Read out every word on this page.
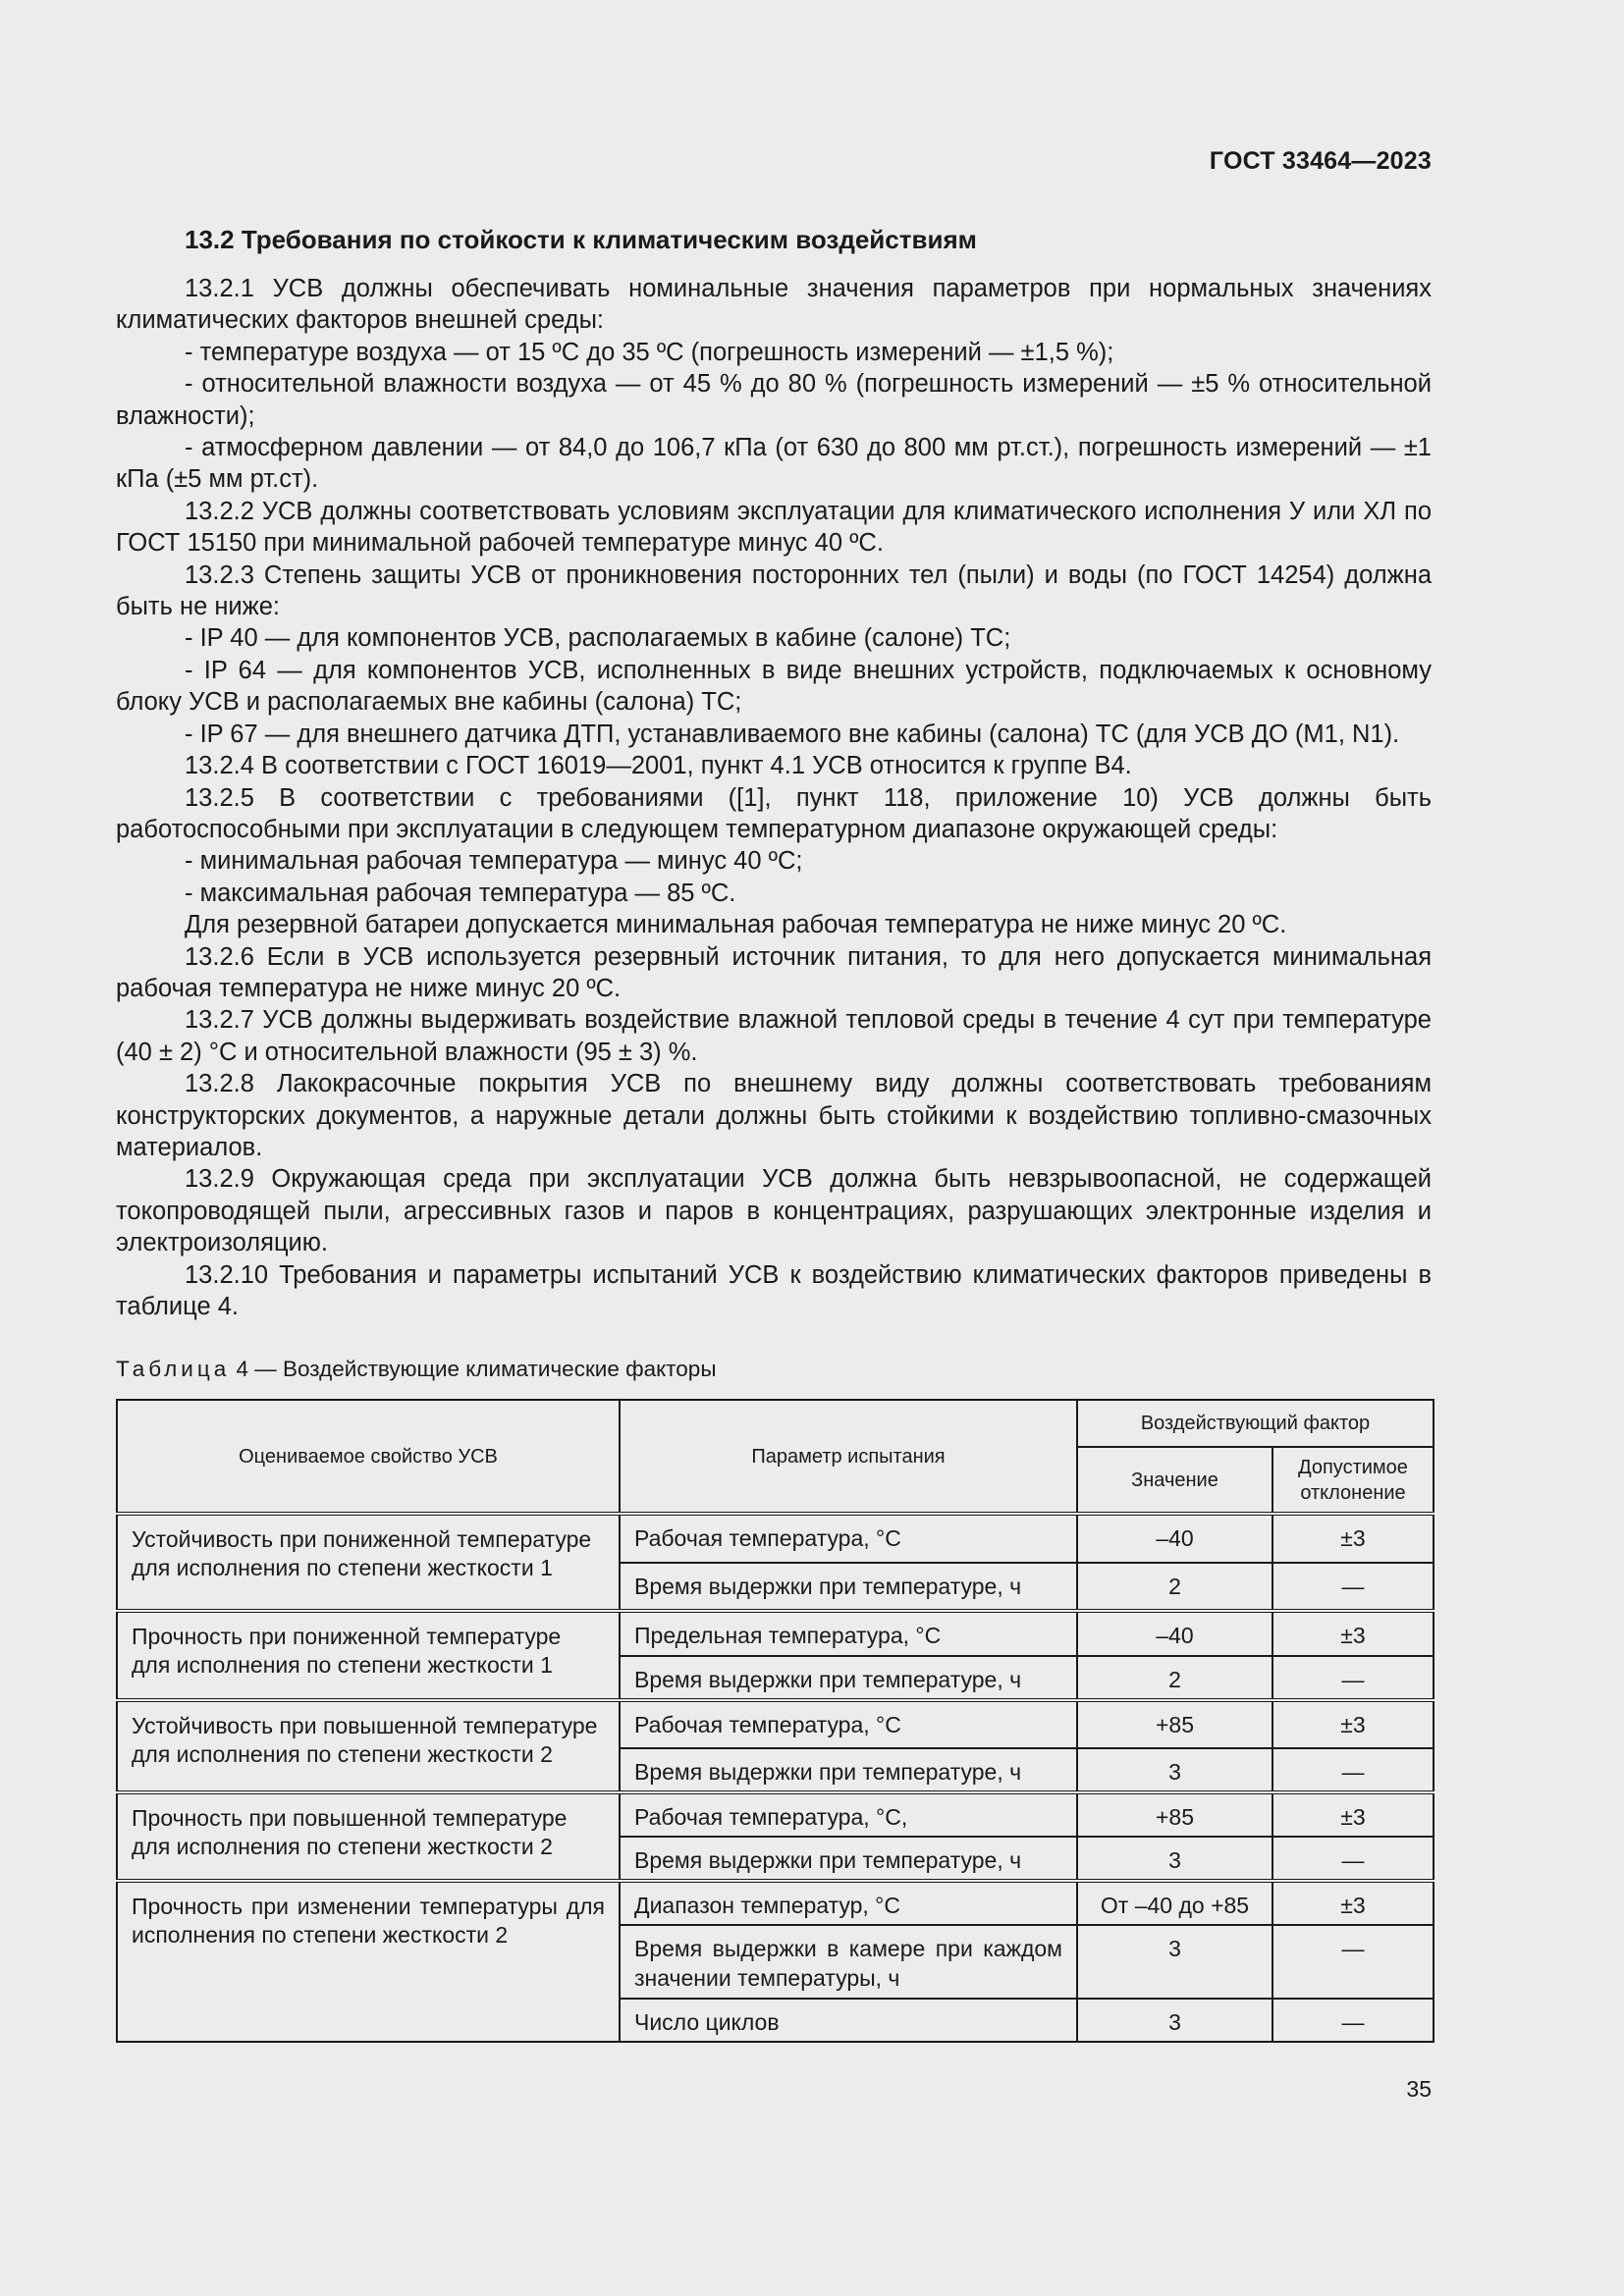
ГОСТ 33464—2023
13.2 Требования по стойкости к климатическим воздействиям
13.2.1 УСВ должны обеспечивать номинальные значения параметров при нормальных значениях климатических факторов внешней среды:
- температуре воздуха — от 15 ºС до 35 ºС (погрешность измерений — ±1,5 %);
- относительной влажности воздуха — от 45 % до 80 % (погрешность измерений — ±5 % относительной влажности);
- атмосферном давлении — от 84,0 до 106,7 кПа (от 630 до 800 мм рт.ст.), погрешность измерений — ±1 кПа (±5 мм рт.ст).
13.2.2 УСВ должны соответствовать условиям эксплуатации для климатического исполнения У или ХЛ по ГОСТ 15150 при минимальной рабочей температуре минус 40 ºС.
13.2.3 Степень защиты УСВ от проникновения посторонних тел (пыли) и воды (по ГОСТ 14254) должна быть не ниже:
- IP 40 — для компонентов УСВ, располагаемых в кабине (салоне) ТС;
- IP 64 — для компонентов УСВ, исполненных в виде внешних устройств, подключаемых к основному блоку УСВ и располагаемых вне кабины (салона) ТС;
- IP 67 — для внешнего датчика ДТП, устанавливаемого вне кабины (салона) ТС (для УСВ ДО (М1, N1).
13.2.4 В соответствии с ГОСТ 16019—2001, пункт 4.1 УСВ относится к группе В4.
13.2.5 В соответствии с требованиями ([1], пункт 118, приложение 10) УСВ должны быть работоспособными при эксплуатации в следующем температурном диапазоне окружающей среды:
- минимальная рабочая температура — минус 40 ºС;
- максимальная рабочая температура — 85 ºС.
Для резервной батареи допускается минимальная рабочая температура не ниже минус 20 ºС.
13.2.6 Если в УСВ используется резервный источник питания, то для него допускается минимальная рабочая температура не ниже минус 20 ºС.
13.2.7 УСВ должны выдерживать воздействие влажной тепловой среды в течение 4 сут при температуре (40 ± 2) °С и относительной влажности (95 ± 3) %.
13.2.8 Лакокрасочные покрытия УСВ по внешнему виду должны соответствовать требованиям конструкторских документов, а наружные детали должны быть стойкими к воздействию топливно-смазочных материалов.
13.2.9 Окружающая среда при эксплуатации УСВ должна быть невзрывоопасной, не содержащей токопроводящей пыли, агрессивных газов и паров в концентрациях, разрушающих электронные изделия и электроизоляцию.
13.2.10 Требования и параметры испытаний УСВ к воздействию климатических факторов приведены в таблице 4.
Таблица 4 — Воздействующие климатические факторы
Оцениваемое свойство УСВ	Параметр испытания	Воздействующий фактор	
		Значение	Допустимое отклонение
Устойчивость при пониженной температуре для исполнения по степени жесткости 1	Рабочая температура, °С	–40	±3
	Время выдержки при температуре, ч	2	—
Прочность при пониженной температуре для исполнения по степени жесткости 1	Предельная температура, °С	–40	±3
	Время выдержки при температуре, ч	2	—
Устойчивость при повышенной температуре для исполнения по степени жесткости 2	Рабочая температура, °С	+85	±3
	Время выдержки при температуре, ч	3	—
Прочность при повышенной температуре для исполнения по степени жесткости 2	Рабочая температура, °С,	+85	±3
	Время выдержки при температуре, ч	3	—
Прочность при изменении температуры для исполнения по степени жесткости 2	Диапазон температур, °С	От –40 до +85	±3
	Время выдержки в камере при каждом значении температуры, ч	3	—
	Число циклов	3	—
35
